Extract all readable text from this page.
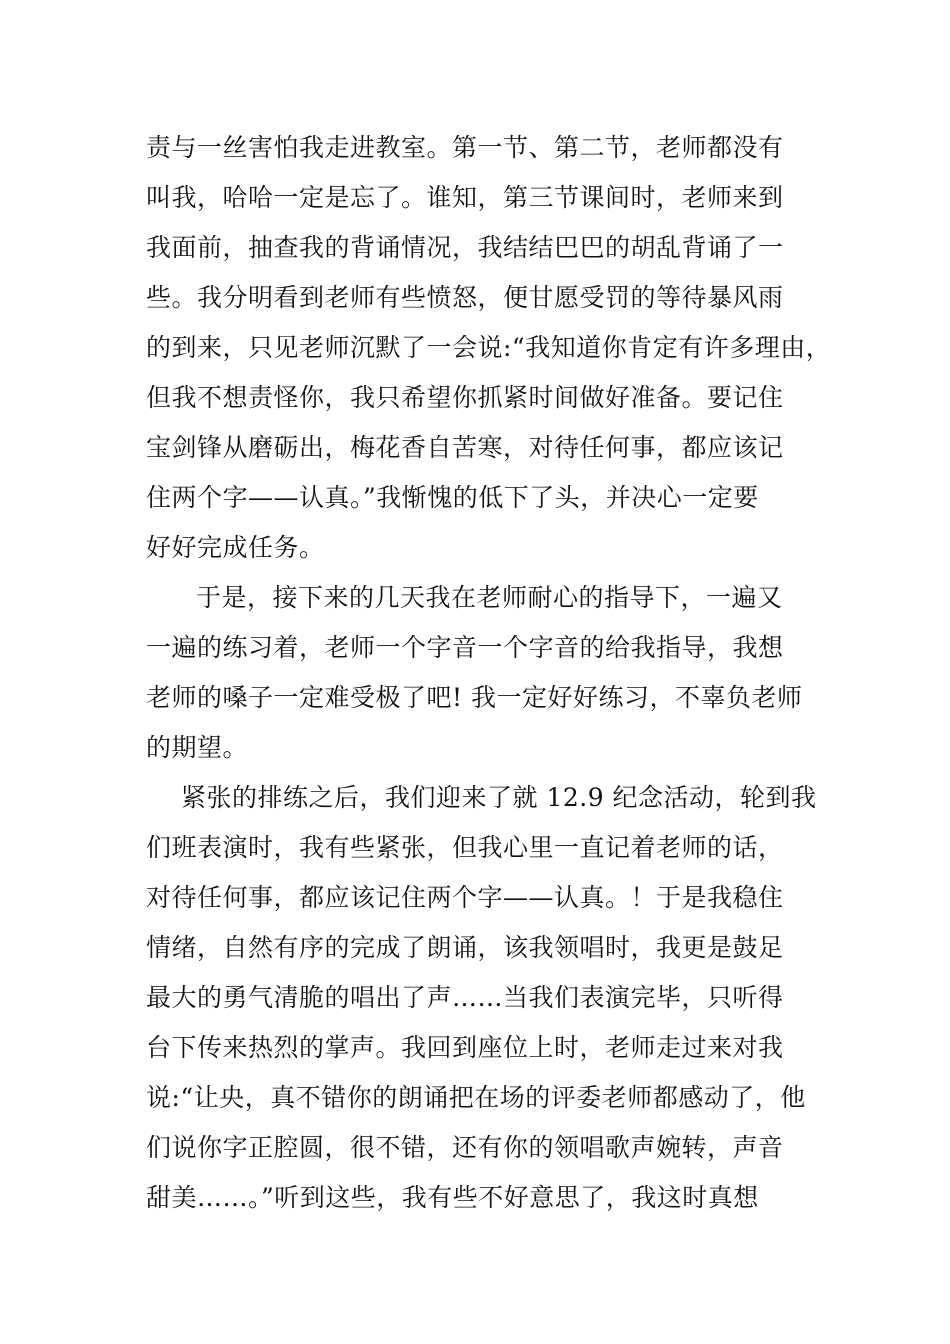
责与一丝害怕我走进教室。第一节、第二节，老师都没有
叫我，哈哈一定是忘了。谁知，第三节课间时，老师来到
我面前，抽查我的背诵情况，我结结巴巴的胡乱背诵了一
些。我分明看到老师有些愤怒，便甘愿受罚的等待暴风雨
的到来，只见老师沉默了一会说:“我知道你肯定有许多理由，
但我不想责怪你，我只希望你抓紧时间做好准备。要记住
宝剑锋从磨砺出，梅花香自苦寒，对待任何事，都应该记
住两个字——认真。”我惭愧的低下了头，并决心一定要
好好完成任务。
于是，接下来的几天我在老师耐心的指导下，一遍又
一遍的练习着，老师一个字音一个字音的给我指导，我想
老师的嗓子一定难受极了吧! 我一定好好练习，不辜负老师
的期望。
紧张的排练之后，我们迎来了就 12.9 纪念活动，轮到我
们班表演时，我有些紧张，但我心里一直记着老师的话，
对待任何事，都应该记住两个字——认真。！于是我稳住
情绪，自然有序的完成了朗诵，该我领唱时，我更是鼓足
最大的勇气清脆的唱出了声……当我们表演完毕，只听得
台下传来热烈的掌声。我回到座位上时，老师走过来对我
说:“让央，真不错你的朗诵把在场的评委老师都感动了，他
们说你字正腔圆，很不错，还有你的领唱歌声婉转，声音
甜美……。”听到这些，我有些不好意思了，我这时真想
